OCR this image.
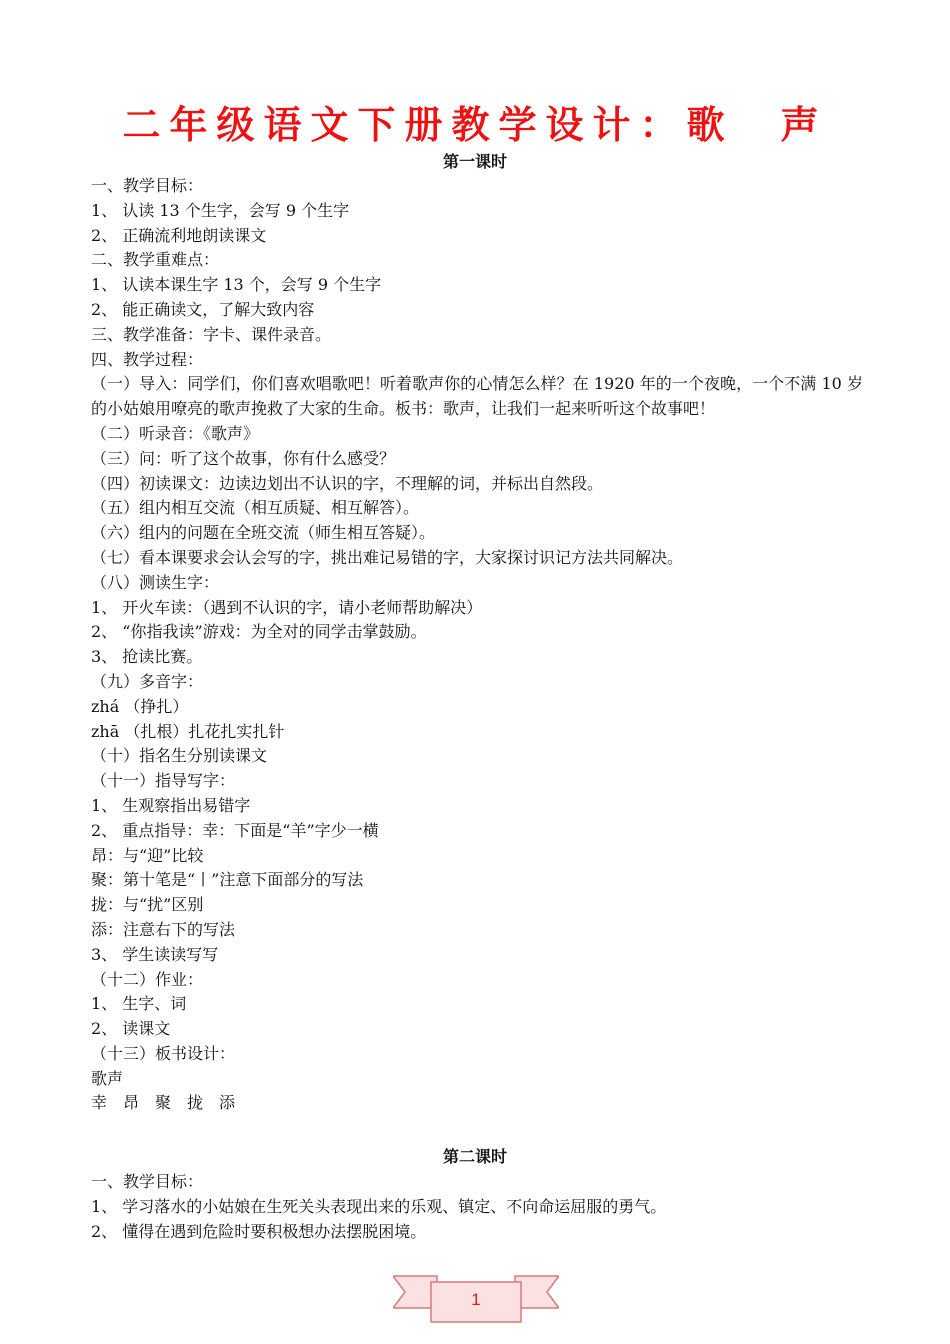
二年级语文下册教学设计：歌　声
第一课时

一、教学目标：

1、 认读 13 个生字，会写 9 个生字

2、 正确流利地朗读课文

二、教学重难点：

1、 认读本课生字 13 个，会写 9 个生字

2、 能正确读文，了解大致内容

三、教学准备：字卡、课件录音。

四、教学过程：

（一）导入：同学们，你们喜欢唱歌吧！听着歌声你的心情怎么样？在 1920 年的一个夜晚，一个不满 10 岁的小姑娘用嘹亮的歌声挽救了大家的生命。板书：歌声，让我们一起来听听这个故事吧！

（二）听录音：《歌声》

（三）问：听了这个故事，你有什么感受？

（四）初读课文：边读边划出不认识的字，不理解的词，并标出自然段。

（五）组内相互交流（相互质疑、相互解答）。

（六）组内的问题在全班交流（师生相互答疑）。

（七）看本课要求会认会写的字，挑出难记易错的字，大家探讨识记方法共同解决。

（八）测读生字：

1、 开火车读：（遇到不认识的字，请小老师帮助解决）

2、 “你指我读”游戏：为全对的同学击掌鼓励。

3、 抢读比赛。

（九）多音字：

zhá （挣扎）

zhā （扎根）扎花扎实扎针

（十）指名生分别读课文

（十一）指导写字：

1、 生观察指出易错字

2、 重点指导：幸：下面是“羊”字少一横

昂：与“迎”比较

聚：第十笔是“丨”注意下面部分的写法

拢：与“扰”区别

添：注意右下的写法

3、 学生读读写写

（十二）作业：

1、 生字、词

2、 读课文

（十三）板书设计：

歌声

幸　昂　聚　拢　添

第二课时

一、教学目标：

1、 学习落水的小姑娘在生死关头表现出来的乐观、镇定、不向命运屈服的勇气。

2、 懂得在遇到危险时要积极想办法摆脱困境。

1
